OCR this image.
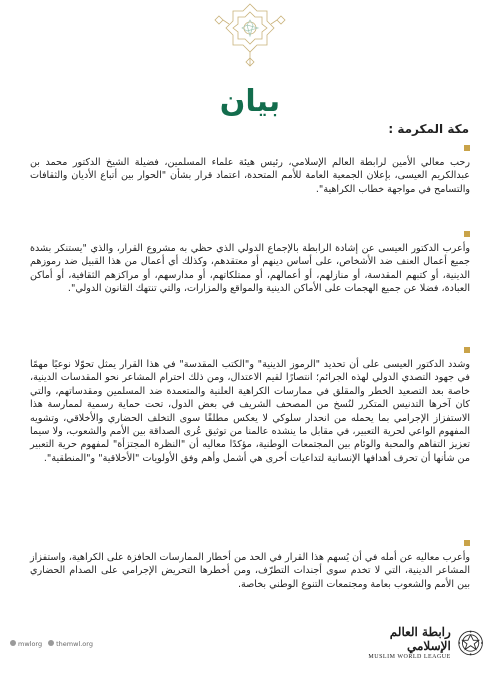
بيان
مكة المكرمة :
رحب معالي الأمين لرابطة العالم الإسلامي، رئيس هيئة علماء المسلمين، فضيلة الشيخ الدكتور محمد بن عبدالكريم العيسى، بإعلان الجمعية العامة للأمم المتحدة، اعتماد قرار بشأن "الحوار بين أتباع الأديان والثقافات والتسامح في مواجهة خطاب الكراهية".
وأعرب الدكتور العيسى عن إشادة الرابطة بالإجماع الدولي الذي حظي به مشروع القرار، والذي "يستنكر بشدة جميع أعمال العنف ضد الأشخاص، على أساس دينهم أو معتقدهم، وكذلك أي أعمال من هذا القبيل ضد رموزهم الدينية، أو كتبهم المقدسة، أو منازلهم، أو أعمالهم، أو ممتلكاتهم، أو مدارسهم، أو مراكزهم الثقافية، أو أماكن العبادة، فضلا عن جميع الهجمات على الأماكن الدينية والمواقع والمزارات، والتي تنتهك القانون الدولي".
وشدد الدكتور العيسى على أن تحديد "الرموز الدينية" و"الكتب المقدسة" في هذا القرار يمثل تحوّلا نوعيًا مهمًا في جهود التصدي الدولي لهذه الجرائم؛ انتصارًا لقيم الاعتدال، ومن ذلك احترام المشاعر نحو المقدسات الدينية، خاصة بعد التصعيد الخطر والمقلق في ممارسات الكراهية العلنية والمتعمدة ضد المسلمين ومقدساتهم، والتي كان آخرها التدنيس المتكرر لنُسخ من المصحف الشريف في بعض الدول، تحت حماية رسمية لممارسة هذا الاستفزاز الإجرامي بما يحمله من انحدار سلوكي لا يعكس مطلقًا سوى التخلف الحضاري والأخلاقي، وتشويه المفهوم الواعي لحرية التعبير، في مقابل ما ينشده عالمنا من توثيق عُرى الصداقة بين الأمم والشعوب، ولا سيما تعزيز التفاهم والمحبة والوئام بين المجتمعات الوطنية، مؤكدًا معاليه أن "النظرة المجتزأة" لمفهوم حرية التعبير من شأنها أن تحرف أهدافها الإنسانية لتداعيات أخرى هي أشمل وأهم وفق الأولويات "الأخلاقية" و"المنطقية".
وأعرب معاليه عن أمله في أن يُسهم هذا القرار في الحد من أخطار الممارسات الحافزة على الكراهية، واستفزاز المشاعر الدينية، التي لا تخدم سوى أجندات التطرّف، ومن أخطرها التحريض الإجرامي على الصدام الحضاري بين الأمم والشعوب بعامة ومجتمعات التنوع الوطني بخاصة.
mwlorg	themwl.org
رابطة العالم الإسلامي
MUSLIM WORLD LEAGUE
